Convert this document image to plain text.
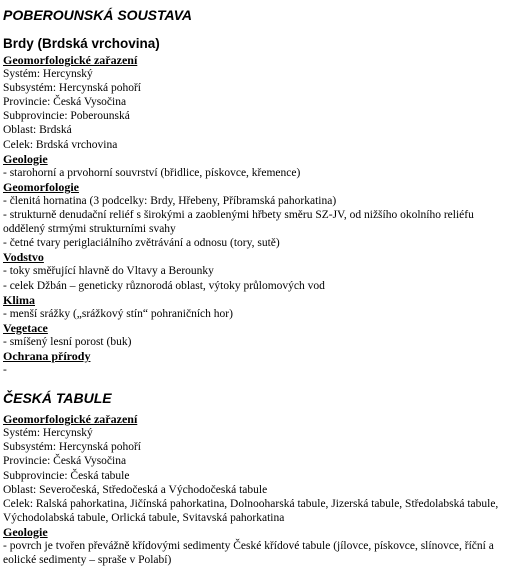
POBEROUNSKÁ SOUSTAVA
Brdy (Brdská vrchovina)
Geomorfologické zařazení
Systém: Hercynský
Subsystém: Hercynská pohoří
Provincie: Česká Vysočina
Subprovincie: Poberounská
Oblast: Brdská
Celek: Brdská vrchovina
Geologie
- starohorní a prvohorní souvrství (břidlice, pískovce, křemence)
Geomorfologie
- členitá hornatina (3 podcelky: Brdy, Hřebeny, Příbramská pahorkatina)
- strukturně denudační reliéf s širokými a zaoblenými hřbety směru SZ-JV, od nižšího okolního reliéfu
oddělený strmými strukturními svahy
- četné tvary periglaciálního zvětrávání a odnosu (tory, sutě)
Vodstvo
- toky směřující hlavně do Vltavy a Berounky
- celek Džbán – geneticky různorodá oblast, výtoky průlomových vod
Klima
- menší srážky („srážkový stín“ pohraničních hor)
Vegetace
- smíšený lesní porost (buk)
Ochrana přírody
-
ČESKÁ TABULE
Geomorfologické zařazení
Systém: Hercynský
Subsystém: Hercynská pohoří
Provincie: Česká Vysočina
Subprovincie: Česká tabule
Oblast: Severočeská, Středočeská a Východočeská tabule
Celek: Ralská pahorkatina, Jičínská pahorkatina, Dolnooharská tabule, Jizerská tabule, Středolabská tabule, Východolabská tabule, Orlická tabule, Svitavská pahorkatina
Geologie
- povrch je tvořen převážně křídovými sedimenty České křídové tabule (jílovce, pískovce, slínovce, říční a eolické sedimenty – spraše v Polabí)
